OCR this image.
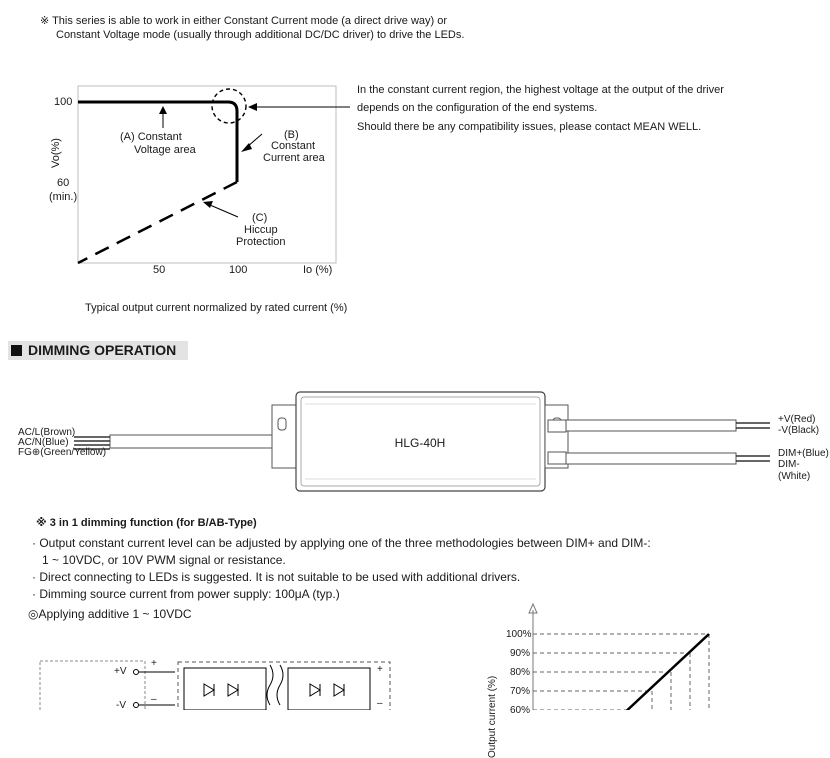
※ This series is able to work in either Constant Current mode (a direct drive way) or
Constant Voltage mode (usually through additional DC/DC driver) to drive the LEDs.
In the constant current region, the highest voltage at the output of the driver
depends on the configuration of the end systems.
Should there be any compatibility issues, please contact MEAN WELL.
100
Vo(%)
60
(min.)
50	100	Io (%)
(A) Constant
Voltage area
(B)
Constant
Current area
(C)
Hiccup
Protection
Typical output current normalized by rated current (%)
DIMMING OPERATION
HLG-40H
AC/L(Brown)
AC/N(Blue)
FG⊕(Green/Yellow)
+V(Red)
-V(Black)
DIM+(Blue)
DIM-(White)
※ 3 in 1 dimming function (for B/AB-Type)
· Output constant current level can be adjusted by applying one of the three methodologies between DIM+ and DIM-:
1 ~ 10VDC, or 10V PWM signal or resistance.
· Direct connecting to LEDs is suggested. It is not suitable to be used with additional drivers.
· Dimming source current from power supply: 100μA (typ.)
◎Applying additive 1 ~ 10VDC
+V
-V
+
–
+
–
100%
90%
80%
70%
60%
Output current (%)
